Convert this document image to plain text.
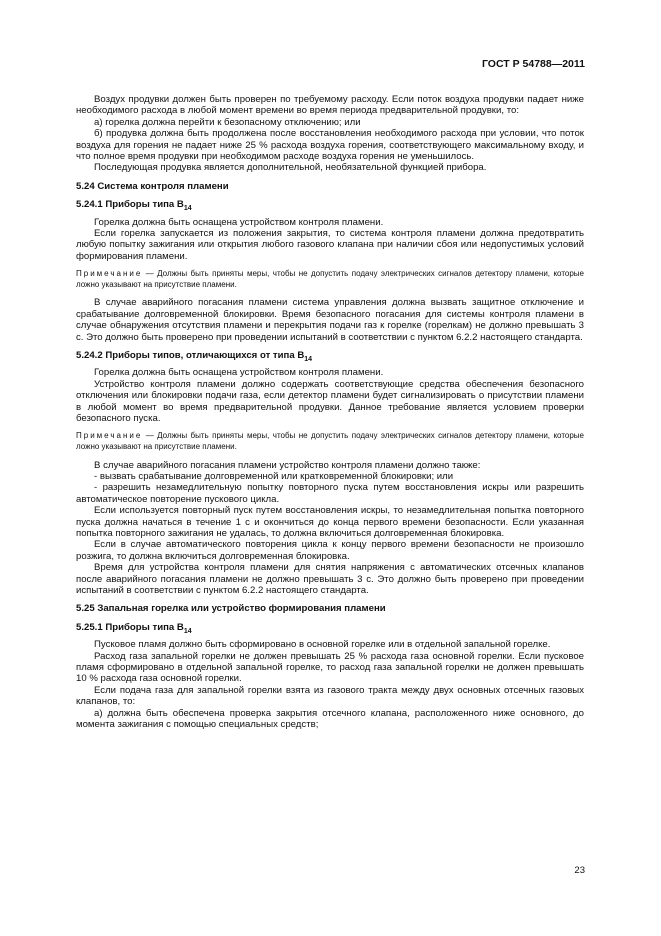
ГОСТ Р 54788—2011

Воздух продувки должен быть проверен по требуемому расходу. Если поток воздуха продувки падает ниже необходимого расхода в любой момент времени во время периода предварительной продувки, то:

а) горелка должна перейти к безопасному отключению; или

б) продувка должна быть продолжена после восстановления необходимого расхода при условии, что поток воздуха для горения не падает ниже 25 % расхода воздуха горения, соответствующего максимальному входу, и что полное время продувки при необходимом расходе воздуха горения не уменьшилось.

Последующая продувка является дополнительной, необязательной функцией прибора.

5.24 Система контроля пламени

5.24.1 Приборы типа $В_{14}$

Горелка должна быть оснащена устройством контроля пламени.

Если горелка запускается из положения закрытия, то система контроля пламени должна предотвратить любую попытку зажигания или открытия любого газового клапана при наличии сбоя или недопустимых условий формирования пламени.

Примечание — Должны быть приняты меры, чтобы не допустить подачу электрических сигналов детектору пламени, которые ложно указывают на присутствие пламени.

В случае аварийного погасания пламени система управления должна вызвать защитное отключение и срабатывание долговременной блокировки. Время безопасного погасания для системы контроля пламени в случае обнаружения отсутствия пламени и перекрытия подачи газ к горелке (горелкам) не должно превышать 3 с. Это должно быть проверено при проведении испытаний в соответствии с пунктом 6.2.2 настоящего стандарта.

5.24.2 Приборы типов, отличающихся от типа $В_{14}$

Горелка должна быть оснащена устройством контроля пламени.

Устройство контроля пламени должно содержать соответствующие средства обеспечения безопасного отключения или блокировки подачи газа, если детектор пламени будет сигнализировать о присутствии пламени в любой момент во время предварительной продувки. Данное требование является условием проверки безопасного пуска.

Примечание — Должны быть приняты меры, чтобы не допустить подачу электрических сигналов детектору пламени, которые ложно указывают на присутствие пламени.

В случае аварийного погасания пламени устройство контроля пламени должно также:

- вызвать срабатывание долговременной или кратковременной блокировки; или

- разрешить незамедлительную попытку повторного пуска путем восстановления искры или разрешить автоматическое повторение пускового цикла.

Если используется повторный пуск путем восстановления искры, то незамедлительная попытка повторного пуска должна начаться в течение 1 с и окончиться до конца первого времени безопасности. Если указанная попытка повторного зажигания не удалась, то должна включиться долговременная блокировка.

Если в случае автоматического повторения цикла к концу первого времени безопасности не произошло розжига, то должна включиться долговременная блокировка.

Время для устройства контроля пламени для снятия напряжения с автоматических отсечных клапанов после аварийного погасания пламени не должно превышать 3 с. Это должно быть проверено при проведении испытаний в соответствии с пунктом 6.2.2 настоящего стандарта.

5.25 Запальная горелка или устройство формирования пламени

5.25.1 Приборы типа $В_{14}$

Пусковое пламя должно быть сформировано в основной горелке или в отдельной запальной горелке.

Расход газа запальной горелки не должен превышать 25 % расхода газа основной горелки. Если пусковое пламя сформировано в отдельной запальной горелке, то расход газа запальной горелки не должен превышать 10 % расхода газа основной горелки.

Если подача газа для запальной горелки взята из газового тракта между двух основных отсечных газовых клапанов, то:

а) должна быть обеспечена проверка закрытия отсечного клапана, расположенного ниже основного, до момента зажигания с помощью специальных средств;

23
